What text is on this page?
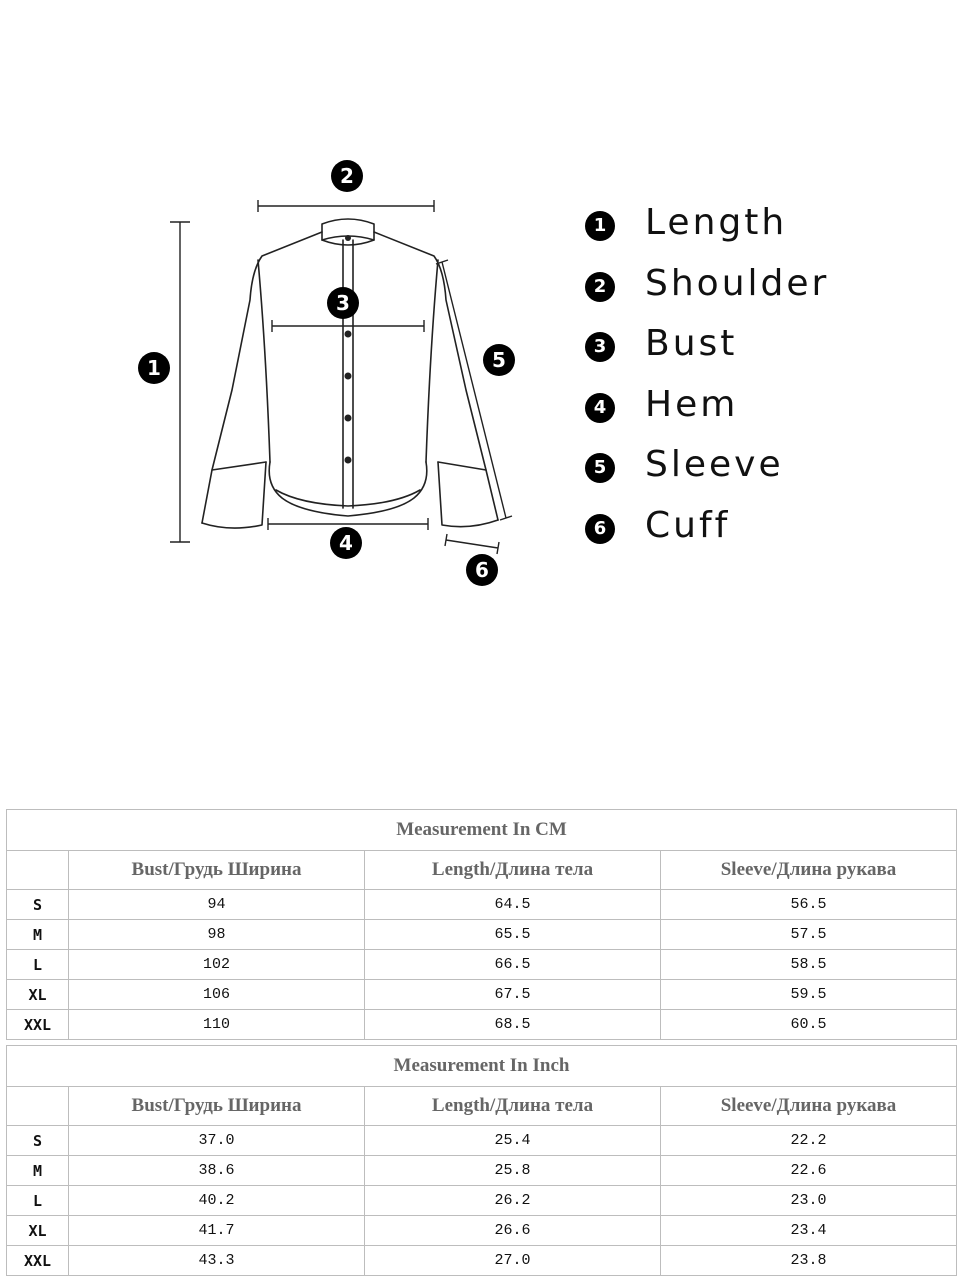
1
2
3
4
5
6
1 Length
2 Shoulder
3 Bust
4 Hem
5 Sleeve
6 Cuff
Measurement In CM			
	Bust/Грудь Ширина	Length/Длина тела	Sleeve/Длина рукава
S	94	64.5	56.5
M	98	65.5	57.5
L	102	66.5	58.5
XL	106	67.5	59.5
XXL	110	68.5	60.5
Measurement In Inch			
	Bust/Грудь Ширина	Length/Длина тела	Sleeve/Длина рукава
S	37.0	25.4	22.2
M	38.6	25.8	22.6
L	40.2	26.2	23.0
XL	41.7	26.6	23.4
XXL	43.3	27.0	23.8
